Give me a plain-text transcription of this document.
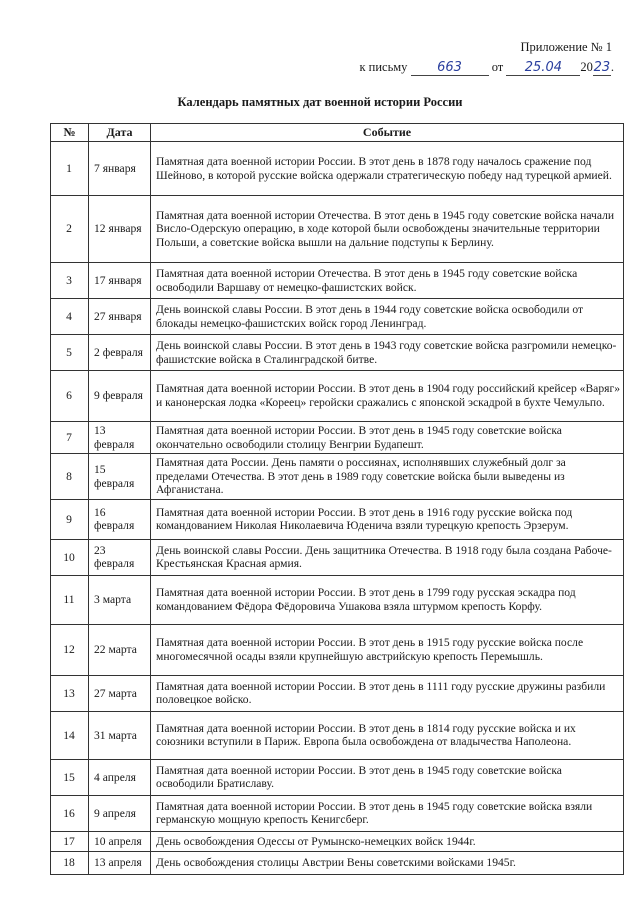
Приложение № 1
к письму 663 от 25.04 2023.
Календарь памятных дат военной истории России
№	Дата	Событие
1	7 января	Памятная дата военной истории России. В этот день в 1878 году началось сражение под Шейново, в которой русские войска одержали стратегическую победу над турецкой армией.
2	12 января	Памятная дата военной истории Отечества. В этот день в 1945 году советские войска начали Висло-Одерскую операцию, в ходе которой были освобождены значительные территории Польши, а советские войска вышли на дальние подступы к Берлину.
3	17 января	Памятная дата военной истории Отечества. В этот день в 1945 году советские войска освободили Варшаву от немецко-фашистских войск.
4	27 января	День воинской славы России. В этот день в 1944 году советские войска освободили от блокады немецко-фашистских войск город Ленинград.
5	2 февраля	День воинской славы России. В этот день в 1943 году советские войска разгромили немецко-фашистские войска в Сталинградской битве.
6	9 февраля	Памятная дата военной истории России. В этот день в 1904 году российский крейсер «Варяг» и канонерская лодка «Кореец» геройски сражались с японской эскадрой в бухте Чемульпо.
7	13 февраля	Памятная дата военной истории России. В этот день в 1945 году советские войска окончательно освободили столицу Венгрии Будапешт.
8	15 февраля	Памятная дата России. День памяти о россиянах, исполнявших служебный долг за пределами Отечества. В этот день в 1989 году советские войска были выведены из Афганистана.
9	16 февраля	Памятная дата военной истории России. В этот день в 1916 году русские войска под командованием Николая Николаевича Юденича взяли турецкую крепость Эрзерум.
10	23 февраля	День воинской славы России. День защитника Отечества. В 1918 году была создана Рабоче-Крестьянская Красная армия.
11	3 марта	Памятная дата военной истории России. В этот день в 1799 году русская эскадра под командованием Фёдора Фёдоровича Ушакова взяла штурмом крепость Корфу.
12	22 марта	Памятная дата военной истории России. В этот день в 1915 году русские войска после многомесячной осады взяли крупнейшую австрийскую крепость Перемышль.
13	27 марта	Памятная дата военной истории России. В этот день в 1111 году русские дружины разбили половецкое войско.
14	31 марта	Памятная дата военной истории России. В этот день в 1814 году русские войска и их союзники вступили в Париж. Европа была освобождена от владычества Наполеона.
15	4 апреля	Памятная дата военной истории России. В этот день в 1945 году советские войска освободили Братиславу.
16	9 апреля	Памятная дата военной истории России. В этот день в 1945 году советские войска взяли германскую мощную крепость Кенигсберг.
17	10 апреля	День освобождения Одессы от Румынско-немецких войск 1944г.
18	13 апреля	День освобождения столицы Австрии Вены советскими войсками 1945г.
